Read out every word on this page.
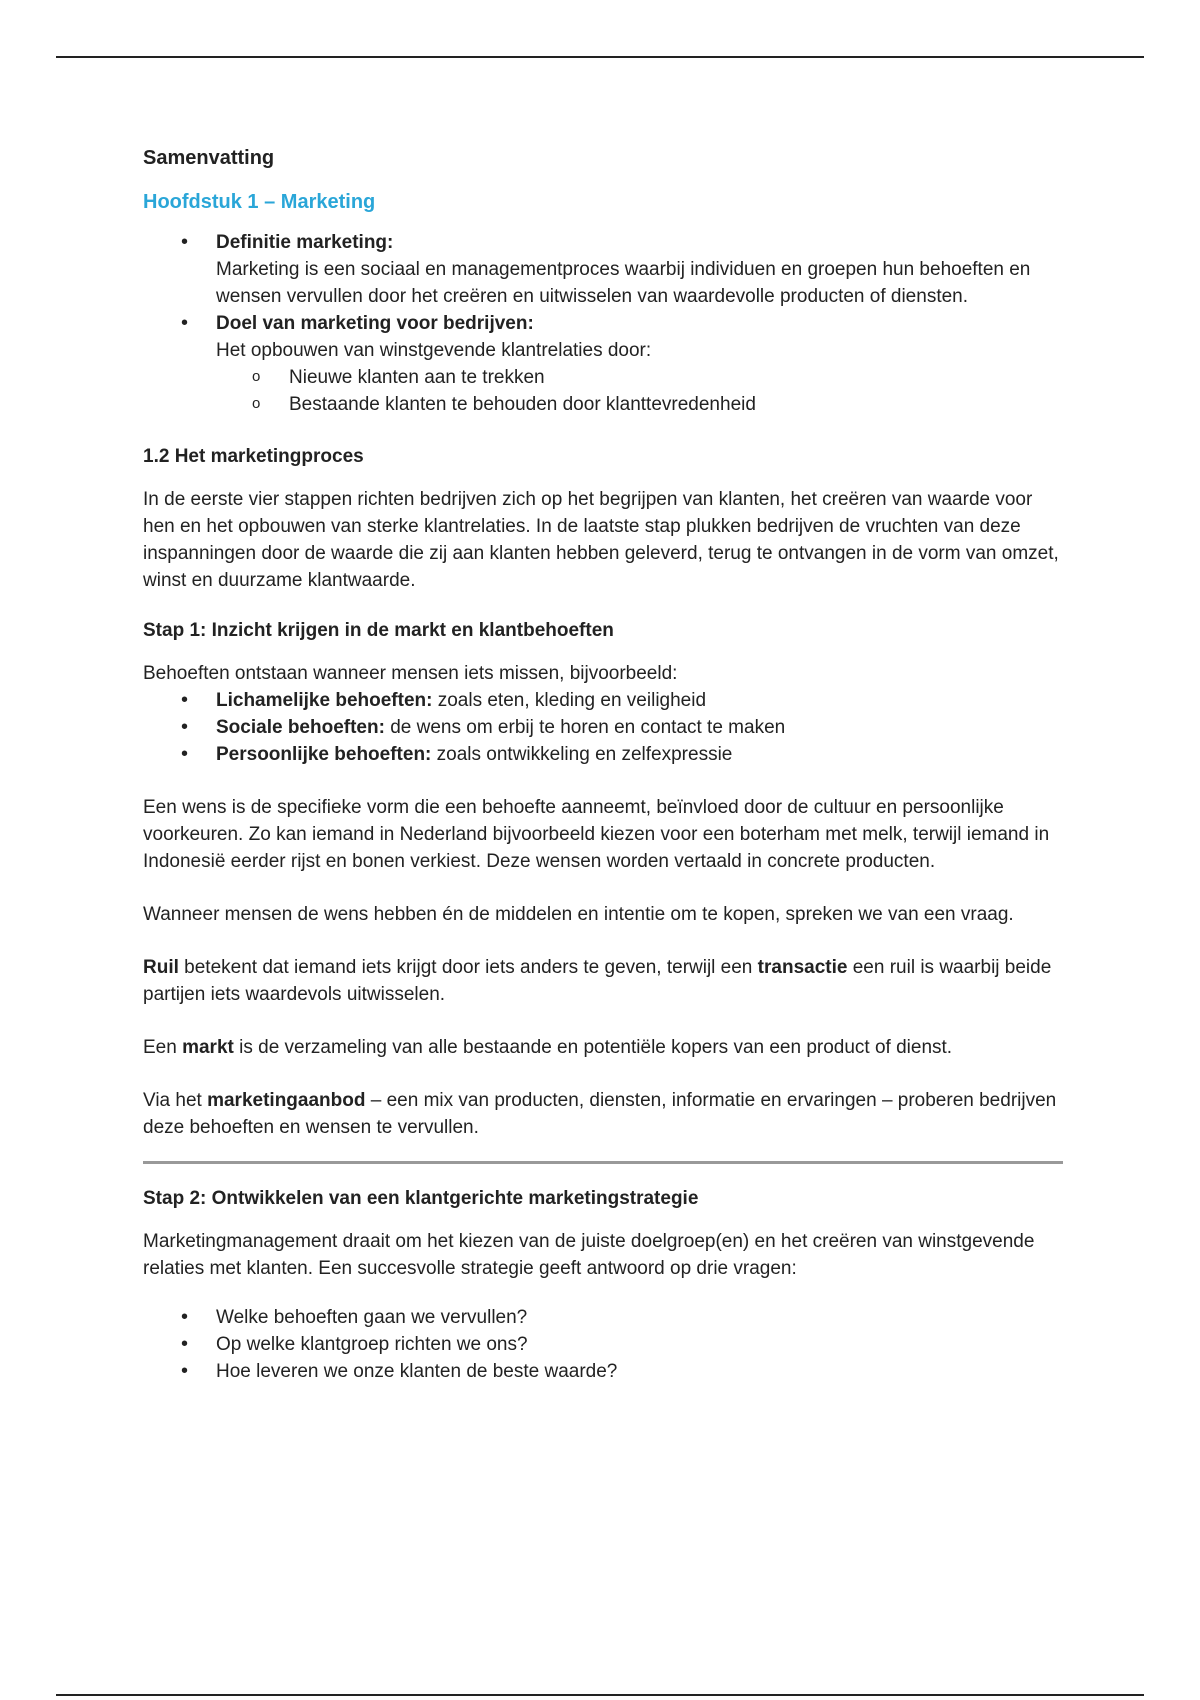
Samenvatting
Hoofdstuk 1 – Marketing
• Definitie marketing:
Marketing is een sociaal en managementproces waarbij individuen en groepen hun behoeften en wensen vervullen door het creëren en uitwisselen van waardevolle producten of diensten.
• Doel van marketing voor bedrijven:
Het opbouwen van winstgevende klantrelaties door:
o Nieuwe klanten aan te trekken
o Bestaande klanten te behouden door klanttevredenheid
1.2 Het marketingproces

In de eerste vier stappen richten bedrijven zich op het begrijpen van klanten, het creëren van waarde voor hen en het opbouwen van sterke klantrelaties. In de laatste stap plukken bedrijven de vruchten van deze inspanningen door de waarde die zij aan klanten hebben geleverd, terug te ontvangen in de vorm van omzet, winst en duurzame klantwaarde.

Stap 1: Inzicht krijgen in de markt en klantbehoeften

Behoeften ontstaan wanneer mensen iets missen, bijvoorbeeld:

• Lichamelijke behoeften: zoals eten, kleding en veiligheid
• Sociale behoeften: de wens om erbij te horen en contact te maken
• Persoonlijke behoeften: zoals ontwikkeling en zelfexpressie

Een wens is de specifieke vorm die een behoefte aanneemt, beïnvloed door de cultuur en persoonlijke voorkeuren. Zo kan iemand in Nederland bijvoorbeeld kiezen voor een boterham met melk, terwijl iemand in Indonesië eerder rijst en bonen verkiest. Deze wensen worden vertaald in concrete producten.

Wanneer mensen de wens hebben én de middelen en intentie om te kopen, spreken we van een vraag.

Ruil betekent dat iemand iets krijgt door iets anders te geven, terwijl een transactie een ruil is waarbij beide partijen iets waardevols uitwisselen.

Een markt is de verzameling van alle bestaande en potentiële kopers van een product of dienst.

Via het marketingaanbod – een mix van producten, diensten, informatie en ervaringen – proberen bedrijven deze behoeften en wensen te vervullen.

Stap 2: Ontwikkelen van een klantgerichte marketingstrategie

Marketingmanagement draait om het kiezen van de juiste doelgroep(en) en het creëren van winstgevende relaties met klanten. Een succesvolle strategie geeft antwoord op drie vragen:

• Welke behoeften gaan we vervullen?
• Op welke klantgroep richten we ons?
• Hoe leveren we onze klanten de beste waarde?
